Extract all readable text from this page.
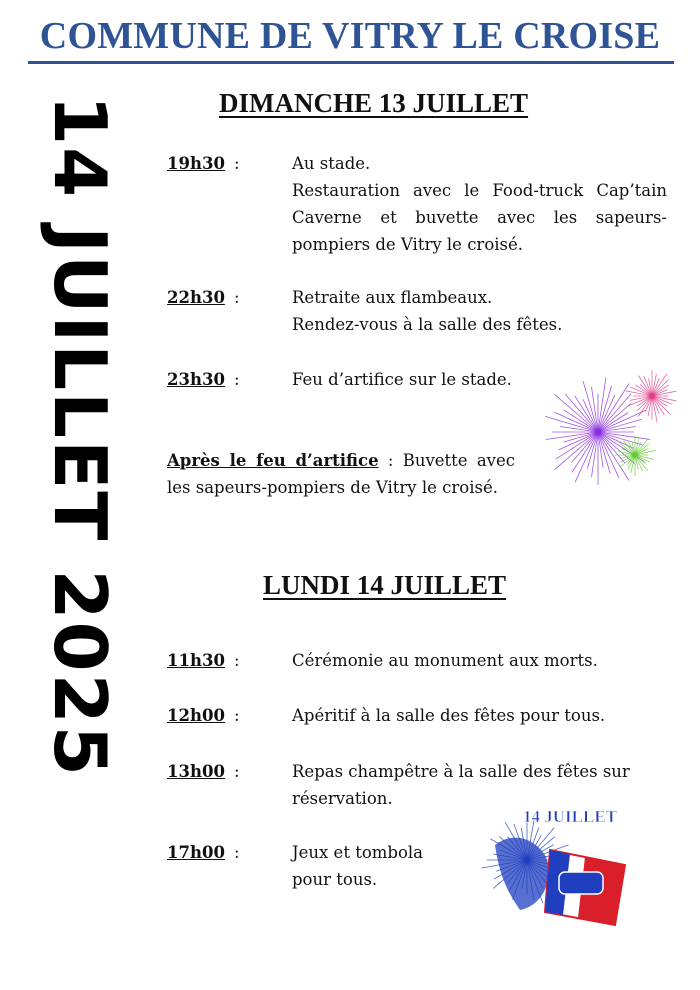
COMMUNE DE VITRY LE CROISE
14 JUILLET 2025	DIMANCHE 13 JUILLET
19h30 :	Au stade.
Restauration avec le Food-truck Cap’tain Caverne et buvette avec les sapeurs-pompiers de Vitry le croisé.
22h30 :	Retraite aux flambeaux.
Rendez-vous à la salle des fêtes.
23h30 :	Feu d’artifice sur le stade.
Après le feu d’artifice : Buvette avec les sapeurs-pompiers de Vitry le croisé.
LUNDI 14 JUILLET
11h30 :	Cérémonie au monument aux morts.
12h00 :	Apéritif à la salle des fêtes pour tous.
13h00 :	Repas champêtre à la salle des fêtes sur réservation.
17h00 :	Jeux et tombola pour tous.
14 JUILLET
